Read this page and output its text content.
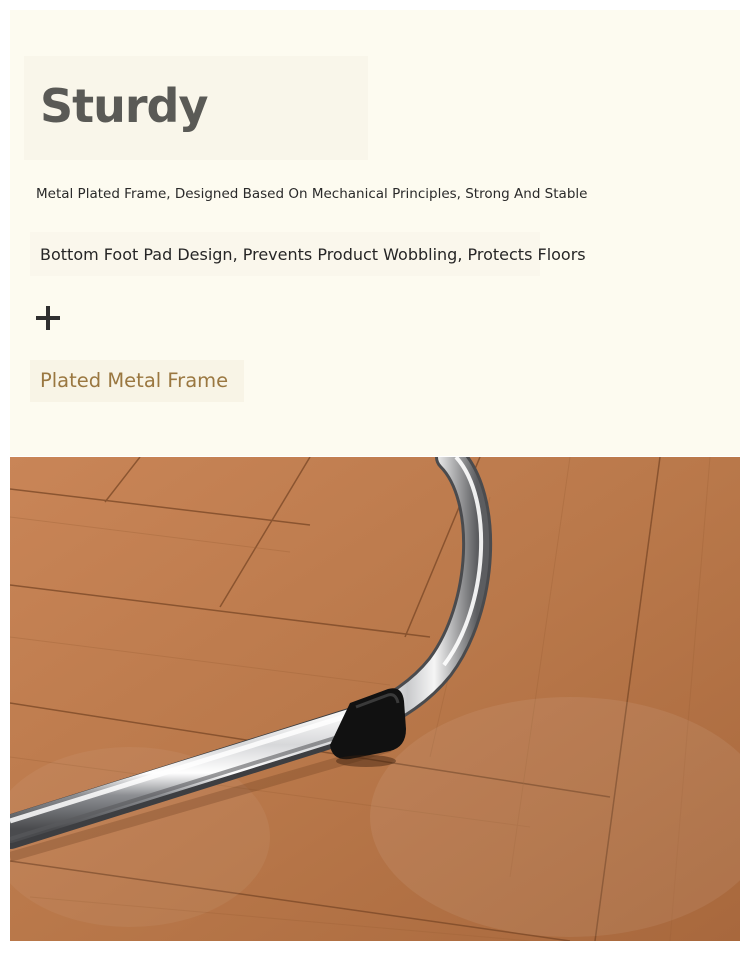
Sturdy

Metal Plated Frame, Designed Based On Mechanical Principles, Strong And Stable

Bottom Foot Pad Design, Prevents Product Wobbling, Protects Floors

Plated Metal Frame
